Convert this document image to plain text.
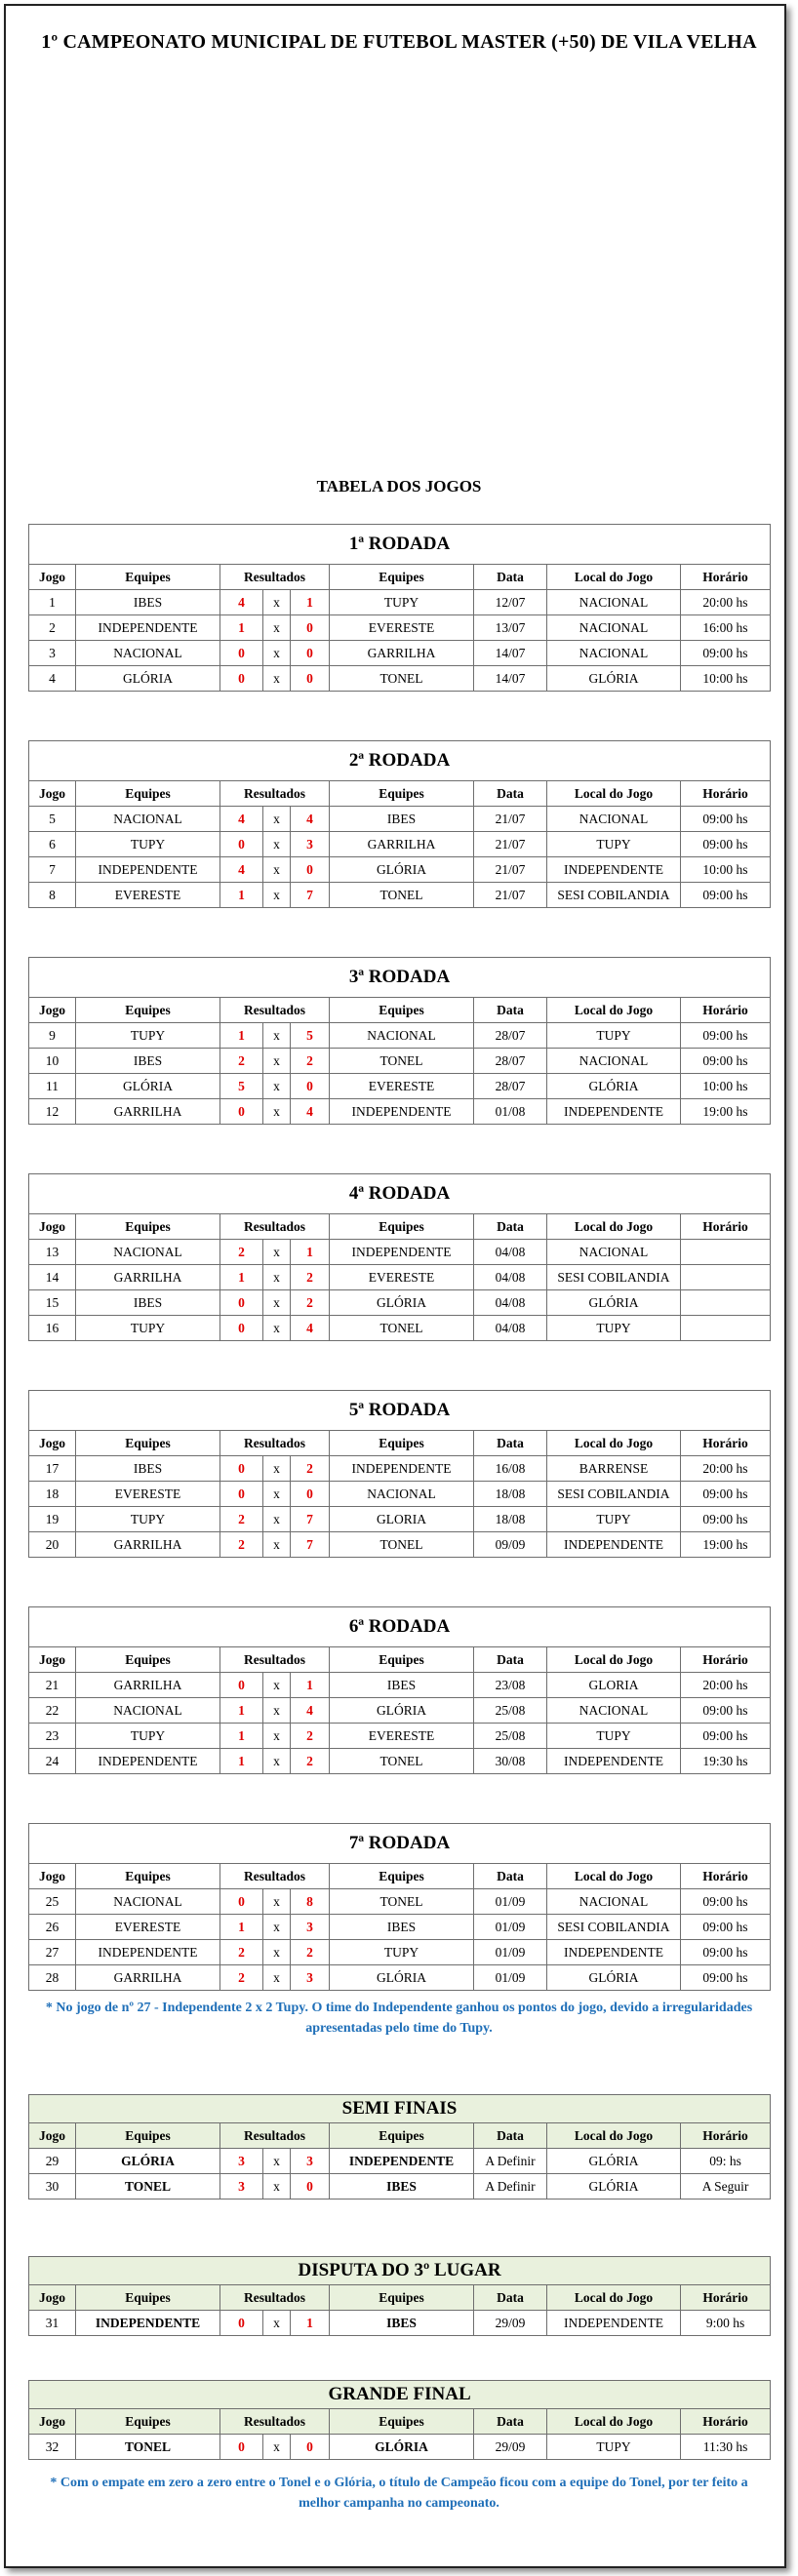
1º CAMPEONATO MUNICIPAL DE FUTEBOL MASTER (+50) DE VILA VELHA
TABELA DOS JOGOS
1ª RODADA								
Jogo	Equipes	Resultados			Equipes	Data	Local do Jogo	Horário
1	IBES	4	x	1	TUPY	12/07	NACIONAL	20:00 hs
2	INDEPENDENTE	1	x	0	EVERESTE	13/07	NACIONAL	16:00 hs
3	NACIONAL	0	x	0	GARRILHA	14/07	NACIONAL	09:00 hs
4	GLÓRIA	0	x	0	TONEL	14/07	GLÓRIA	10:00 hs
2ª RODADA								
Jogo	Equipes	Resultados			Equipes	Data	Local do Jogo	Horário
5	NACIONAL	4	x	4	IBES	21/07	NACIONAL	09:00 hs
6	TUPY	0	x	3	GARRILHA	21/07	TUPY	09:00 hs
7	INDEPENDENTE	4	x	0	GLÓRIA	21/07	INDEPENDENTE	10:00 hs
8	EVERESTE	1	x	7	TONEL	21/07	SESI COBILANDIA	09:00 hs
3ª RODADA								
Jogo	Equipes	Resultados			Equipes	Data	Local do Jogo	Horário
9	TUPY	1	x	5	NACIONAL	28/07	TUPY	09:00 hs
10	IBES	2	x	2	TONEL	28/07	NACIONAL	09:00 hs
11	GLÓRIA	5	x	0	EVERESTE	28/07	GLÓRIA	10:00 hs
12	GARRILHA	0	x	4	INDEPENDENTE	01/08	INDEPENDENTE	19:00 hs
4ª RODADA								
Jogo	Equipes	Resultados			Equipes	Data	Local do Jogo	Horário
13	NACIONAL	2	x	1	INDEPENDENTE	04/08	NACIONAL	
14	GARRILHA	1	x	2	EVERESTE	04/08	SESI COBILANDIA	
15	IBES	0	x	2	GLÓRIA	04/08	GLÓRIA	
16	TUPY	0	x	4	TONEL	04/08	TUPY	
5ª RODADA								
Jogo	Equipes	Resultados			Equipes	Data	Local do Jogo	Horário
17	IBES	0	x	2	INDEPENDENTE	16/08	BARRENSE	20:00 hs
18	EVERESTE	0	x	0	NACIONAL	18/08	SESI COBILANDIA	09:00 hs
19	TUPY	2	x	7	GLORIA	18/08	TUPY	09:00 hs
20	GARRILHA	2	x	7	TONEL	09/09	INDEPENDENTE	19:00 hs
6ª RODADA								
Jogo	Equipes	Resultados			Equipes	Data	Local do Jogo	Horário
21	GARRILHA	0	x	1	IBES	23/08	GLORIA	20:00 hs
22	NACIONAL	1	x	4	GLÓRIA	25/08	NACIONAL	09:00 hs
23	TUPY	1	x	2	EVERESTE	25/08	TUPY	09:00 hs
24	INDEPENDENTE	1	x	2	TONEL	30/08	INDEPENDENTE	19:30 hs
7ª RODADA								
Jogo	Equipes	Resultados			Equipes	Data	Local do Jogo	Horário
25	NACIONAL	0	x	8	TONEL	01/09	NACIONAL	09:00 hs
26	EVERESTE	1	x	3	IBES	01/09	SESI COBILANDIA	09:00 hs
27	INDEPENDENTE	2	x	2	TUPY	01/09	INDEPENDENTE	09:00 hs
28	GARRILHA	2	x	3	GLÓRIA	01/09	GLÓRIA	09:00 hs
SEMI FINAIS								
Jogo	Equipes	Resultados			Equipes	Data	Local do Jogo	Horário
29	GLÓRIA	3	x	3	INDEPENDENTE	A Definir	GLÓRIA	09: hs
30	TONEL	3	x	0	IBES	A Definir	GLÓRIA	A Seguir
DISPUTA DO 3º LUGAR								
Jogo	Equipes	Resultados			Equipes	Data	Local do Jogo	Horário
31	INDEPENDENTE	0	x	1	IBES	29/09	INDEPENDENTE	9:00 hs
GRANDE FINAL								
Jogo	Equipes	Resultados			Equipes	Data	Local do Jogo	Horário
32	TONEL	0	x	0	GLÓRIA	29/09	TUPY	11:30 hs
* No jogo de nº 27 - Independente 2 x 2 Tupy. O time do Independente ganhou os pontos do jogo, devido a irregularidades apresentadas pelo time do Tupy.
* Com o empate em zero a zero entre o Tonel e o Glória, o título de Campeão ficou com a equipe do Tonel, por ter feito a melhor campanha no campeonato.
